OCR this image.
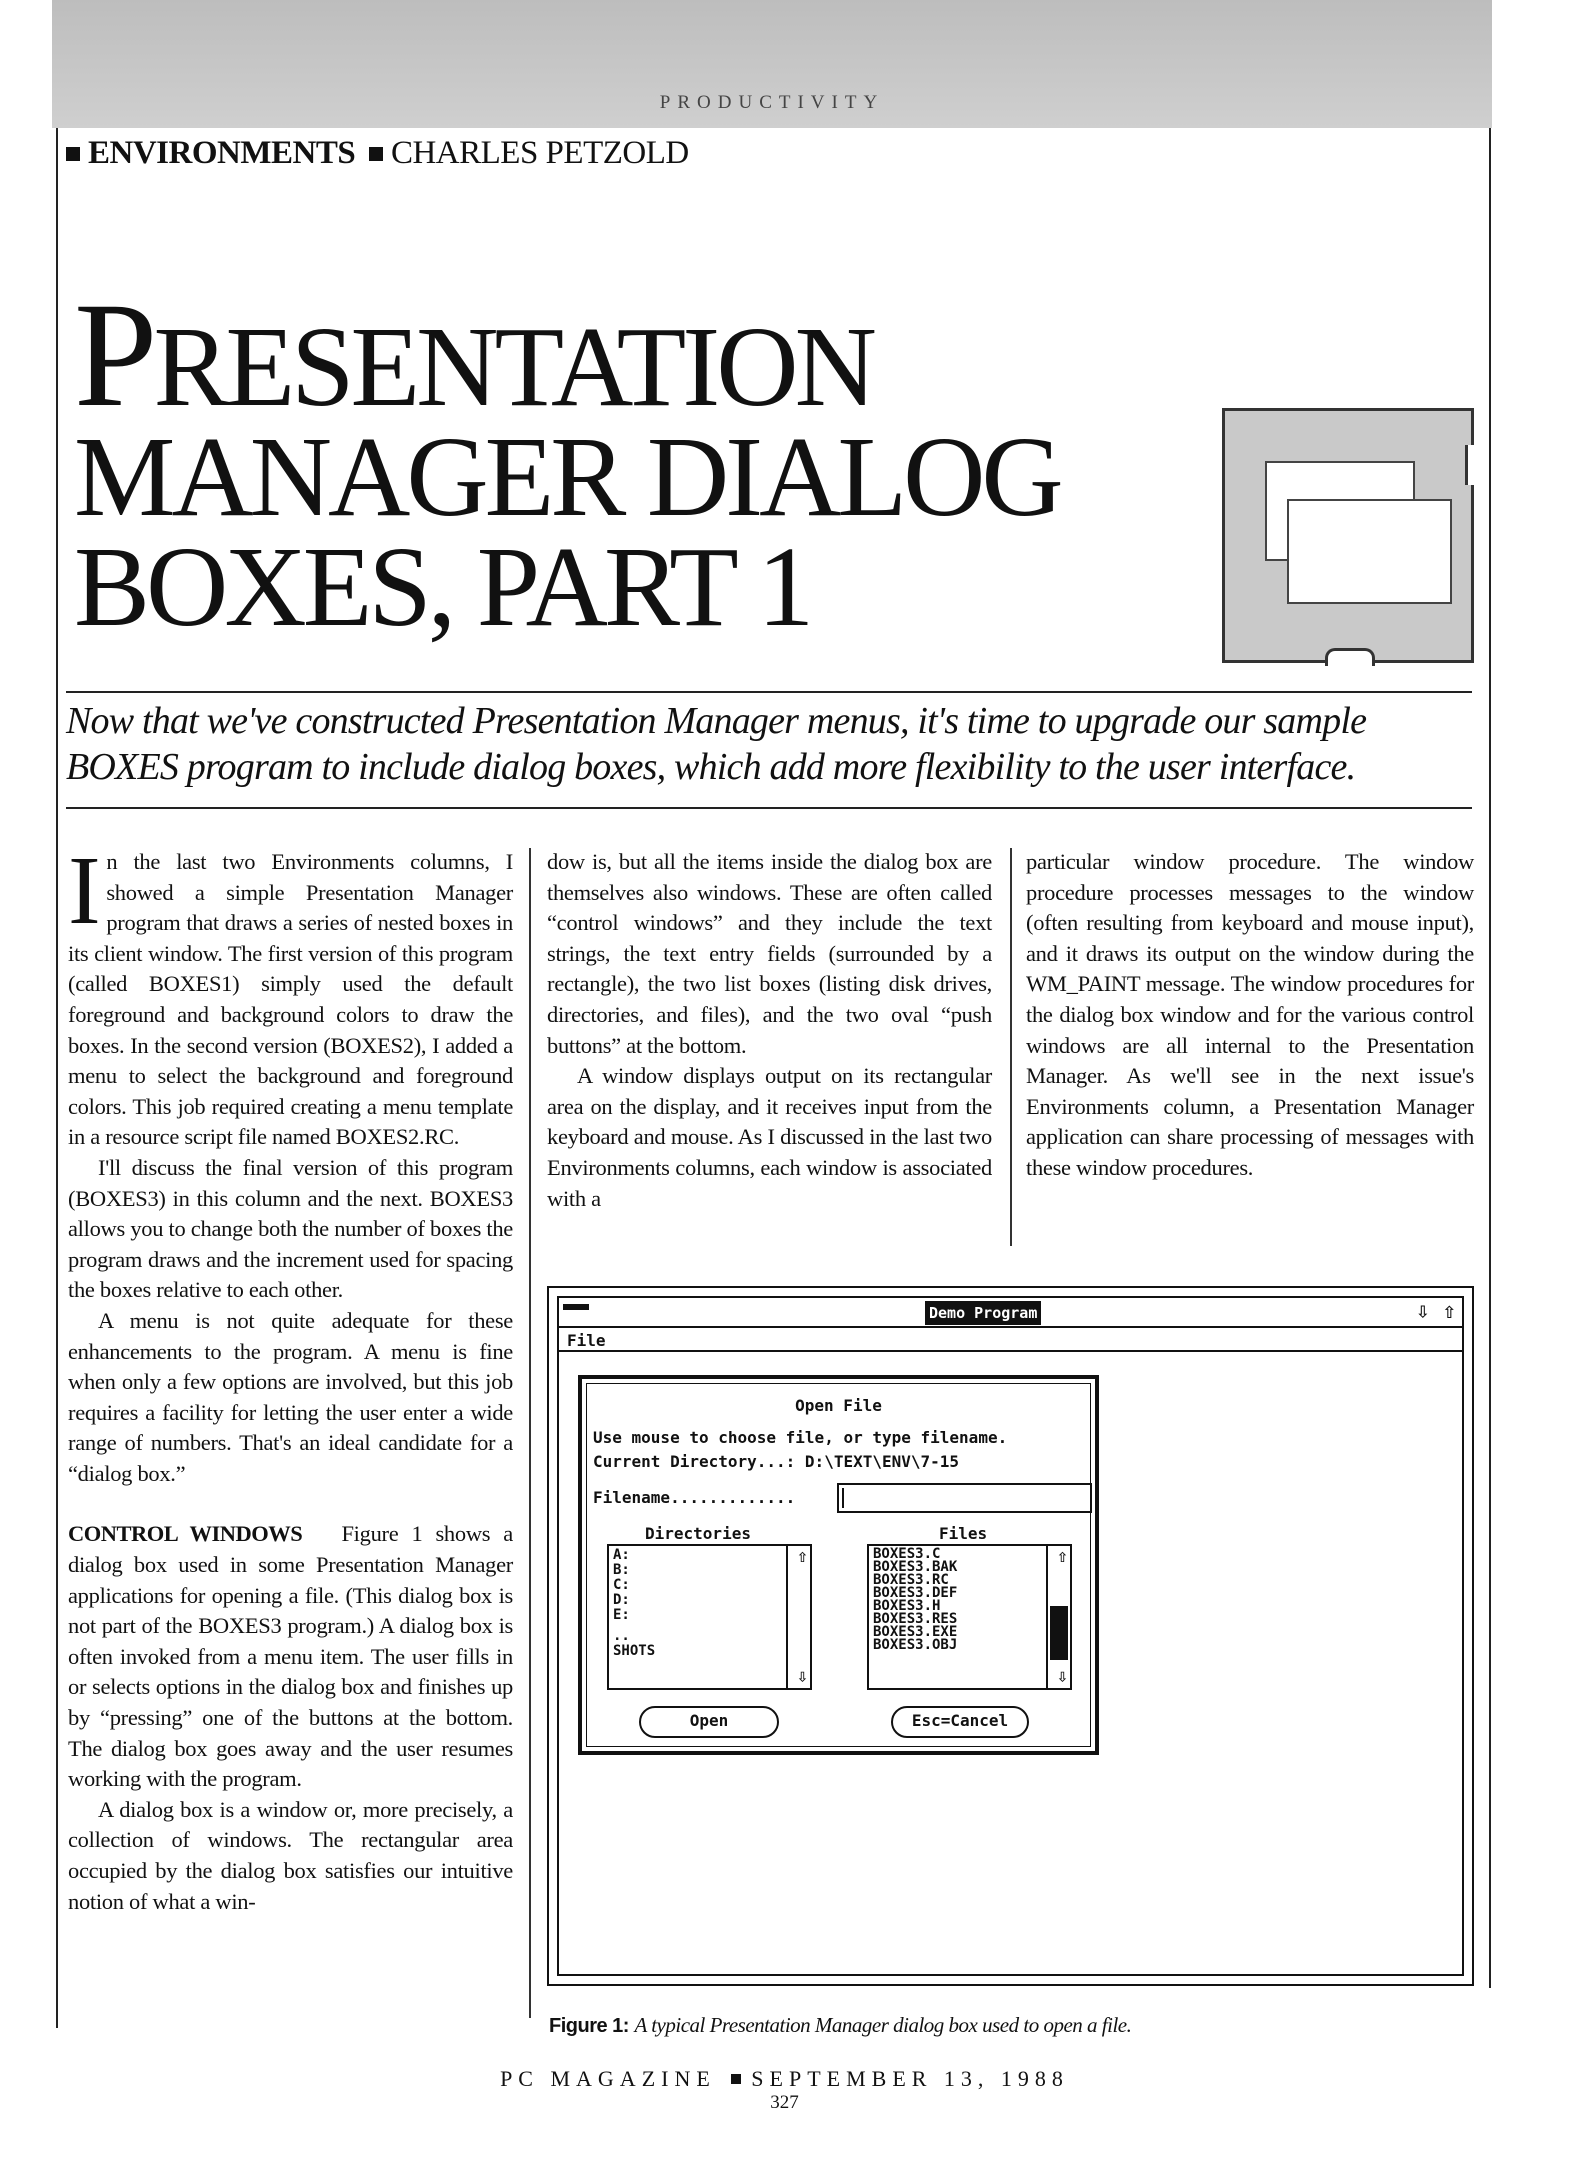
PRODUCTIVITY
ENVIRONMENTS CHARLES PETZOLD
PRESENTATION
MANAGER DIALOG
BOXES, PART 1
Now that we've constructed Presentation Manager menus, it's time to upgrade our sample BOXES program to include dialog boxes, which add more flexibility to the user interface.

In the last two Environments columns, I showed a simple Presentation Manager program that draws a series of nested boxes in its client window. The first version of this program (called BOXES1) simply used the default foreground and background colors to draw the boxes. In the second version (BOXES2), I added a menu to select the background and foreground colors. This job required creating a menu template in a resource script file named BOXES2.RC.

I'll discuss the final version of this program (BOXES3) in this column and the next. BOXES3 allows you to change both the number of boxes the program draws and the increment used for spacing the boxes relative to each other.

A menu is not quite adequate for these enhancements to the program. A menu is fine when only a few options are involved, but this job requires a facility for letting the user enter a wide range of numbers. That's an ideal candidate for a “dialog box.”

CONTROL WINDOWS Figure 1 shows a dialog box used in some Presentation Manager applications for opening a file. (This dialog box is not part of the BOXES3 program.) A dialog box is often invoked from a menu item. The user fills in or selects options in the dialog box and finishes up by “pressing” one of the buttons at the bottom. The dialog box goes away and the user resumes working with the program.

A dialog box is a window or, more precisely, a collection of windows. The rectangular area occupied by the dialog box satisfies our intuitive notion of what a win-

dow is, but all the items inside the dialog box are themselves also windows. These are often called “control windows” and they include the text strings, the text entry fields (surrounded by a rectangle), the two list boxes (listing disk drives, directories, and files), and the two oval “push buttons” at the bottom.

A window displays output on its rectangular area on the display, and it receives input from the keyboard and mouse. As I discussed in the last two Environments columns, each window is associated with a

particular window procedure. The window procedure processes messages to the window (often resulting from keyboard and mouse input), and it draws its output on the window during the WM_PAINT message. The window procedures for the dialog box window and for the various control windows are all internal to the Presentation Manager. As we'll see in the next issue's Environments column, a Presentation Manager application can share processing of messages with these window procedures.

Demo Program	⇩ ⇧
File
Open File
Use mouse to choose file, or type filename.
Current Directory...: D:\TEXT\ENV\7-15
Filename.............
Directories	Files
A:
B:
C:
D:
E:
..
SHOTS
⇧
⇩
BOXES3.C
BOXES3.BAK
BOXES3.RC
BOXES3.DEF
BOXES3.H
BOXES3.RES
BOXES3.EXE
BOXES3.OBJ
⇧
⇩
Open	Esc=Cancel
Figure 1: A typical Presentation Manager dialog box used to open a file.
PC MAGAZINE SEPTEMBER 13, 1988
327
